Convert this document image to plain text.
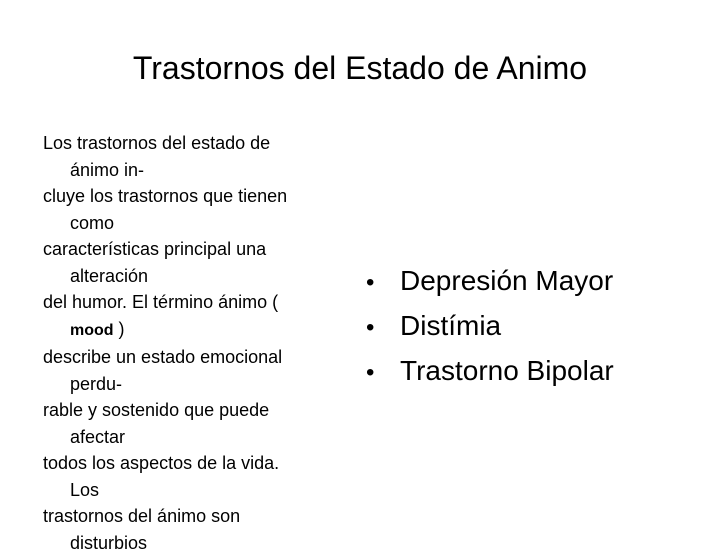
Trastornos del Estado de Animo
Los trastornos del estado de
ánimo in-
cluye los trastornos que tienen
como
características principal una
alteración
del humor. El término ánimo (
mood )
describe un estado emocional
perdu-
rable y sostenido que puede
afectar
todos los aspectos de la vida.
Los
trastornos del ánimo son
disturbios
• Depresión Mayor
• Distímia
• Trastorno Bipolar
